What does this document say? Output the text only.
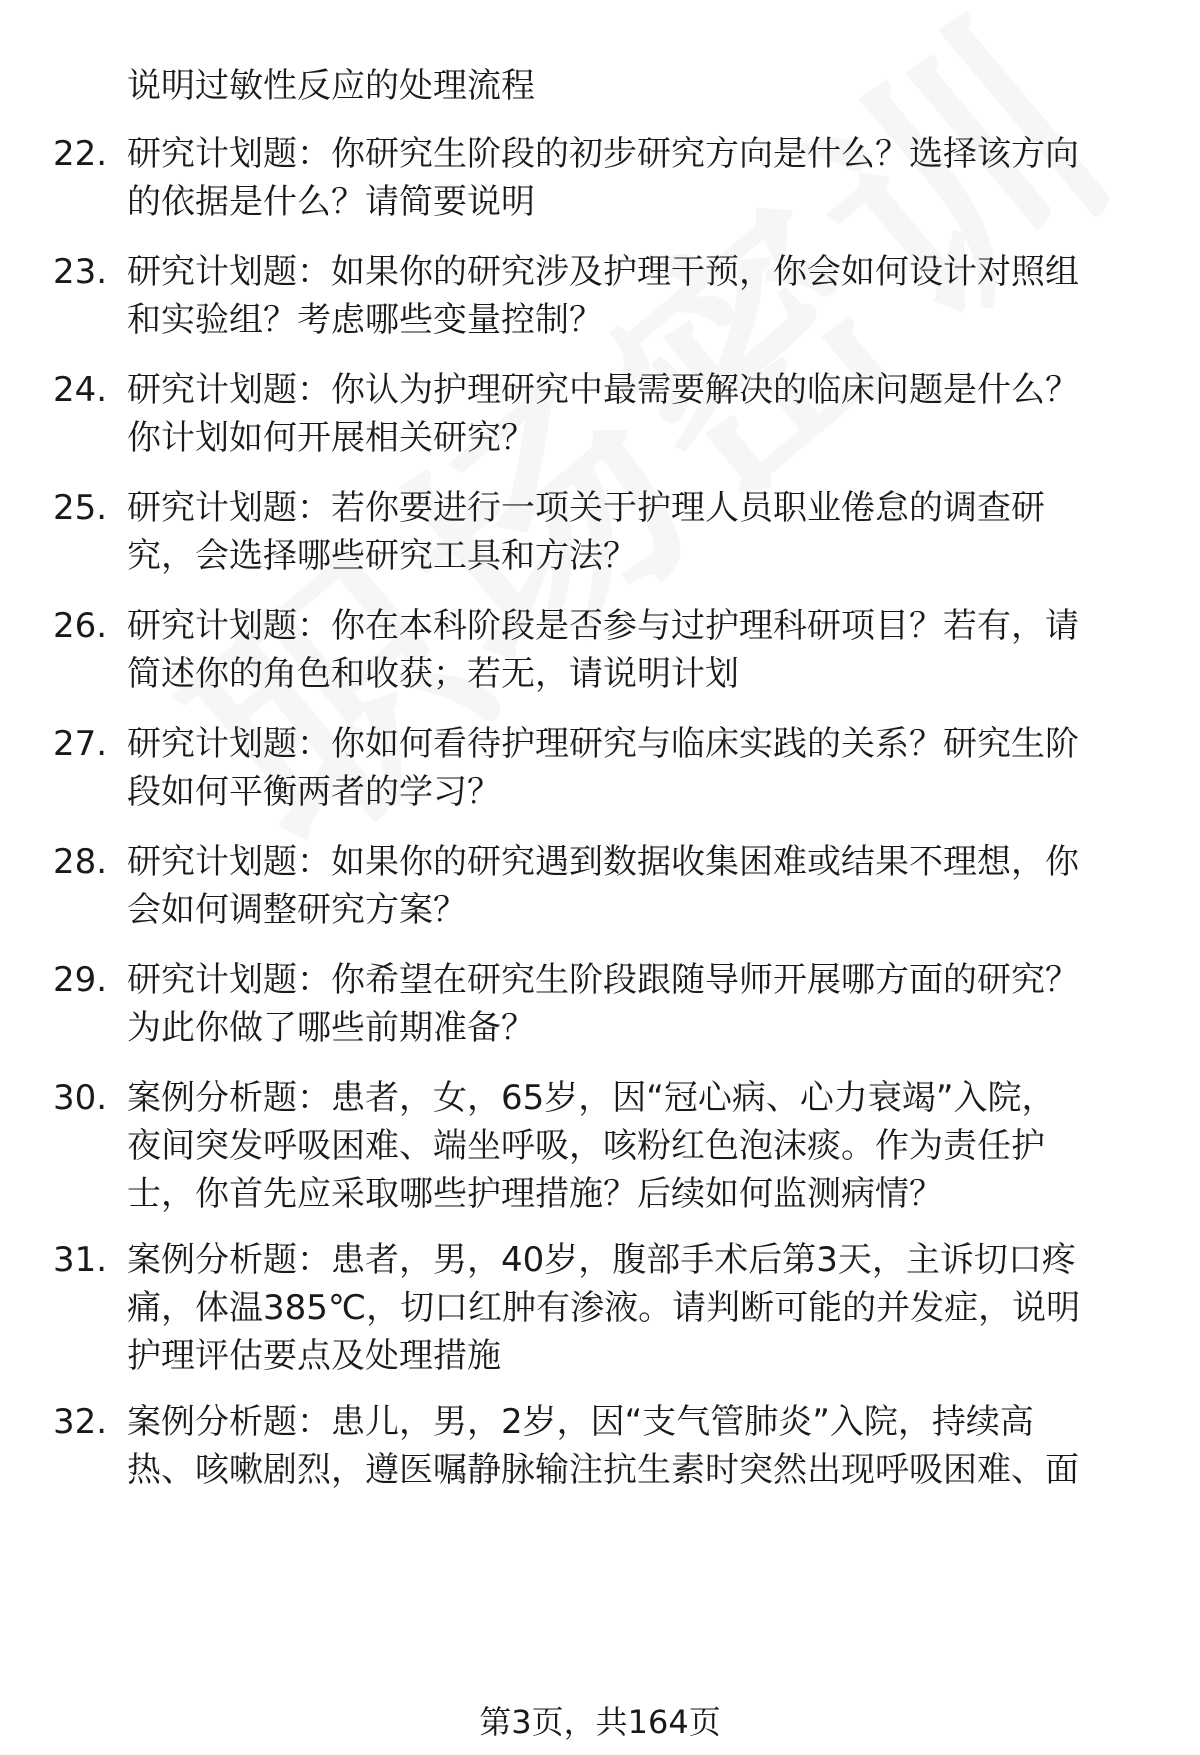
说明过敏性反应的处理流程
22. 研究计划题：你研究生阶段的初步研究方向是什么？选择该方向
的依据是什么？请简要说明
23. 研究计划题：如果你的研究涉及护理干预，你会如何设计对照组
和实验组？考虑哪些变量控制？
24. 研究计划题：你认为护理研究中最需要解决的临床问题是什么？
你计划如何开展相关研究？
25. 研究计划题：若你要进行一项关于护理人员职业倦怠的调查研
究，会选择哪些研究工具和方法？
26. 研究计划题：你在本科阶段是否参与过护理科研项目？若有，请
简述你的角色和收获；若无，请说明计划
27. 研究计划题：你如何看待护理研究与临床实践的关系？研究生阶
段如何平衡两者的学习？
28. 研究计划题：如果你的研究遇到数据收集困难或结果不理想，你
会如何调整研究方案？
29. 研究计划题：你希望在研究生阶段跟随导师开展哪方面的研究？
为此你做了哪些前期准备？
30. 案例分析题：患者，女，65岁，因“冠心病、心力衰竭”入院，
夜间突发呼吸困难、端坐呼吸，咳粉红色泡沫痰。作为责任护
士，你首先应采取哪些护理措施？后续如何监测病情？
31. 案例分析题：患者，男，40岁，腹部手术后第3天，主诉切口疼
痛，体温385℃，切口红肿有渗液。请判断可能的并发症，说明
护理评估要点及处理措施
32. 案例分析题：患儿，男，2岁，因“支气管肺炎”入院，持续高
热、咳嗽剧烈，遵医嘱静脉输注抗生素时突然出现呼吸困难、面
第3页，共164页
